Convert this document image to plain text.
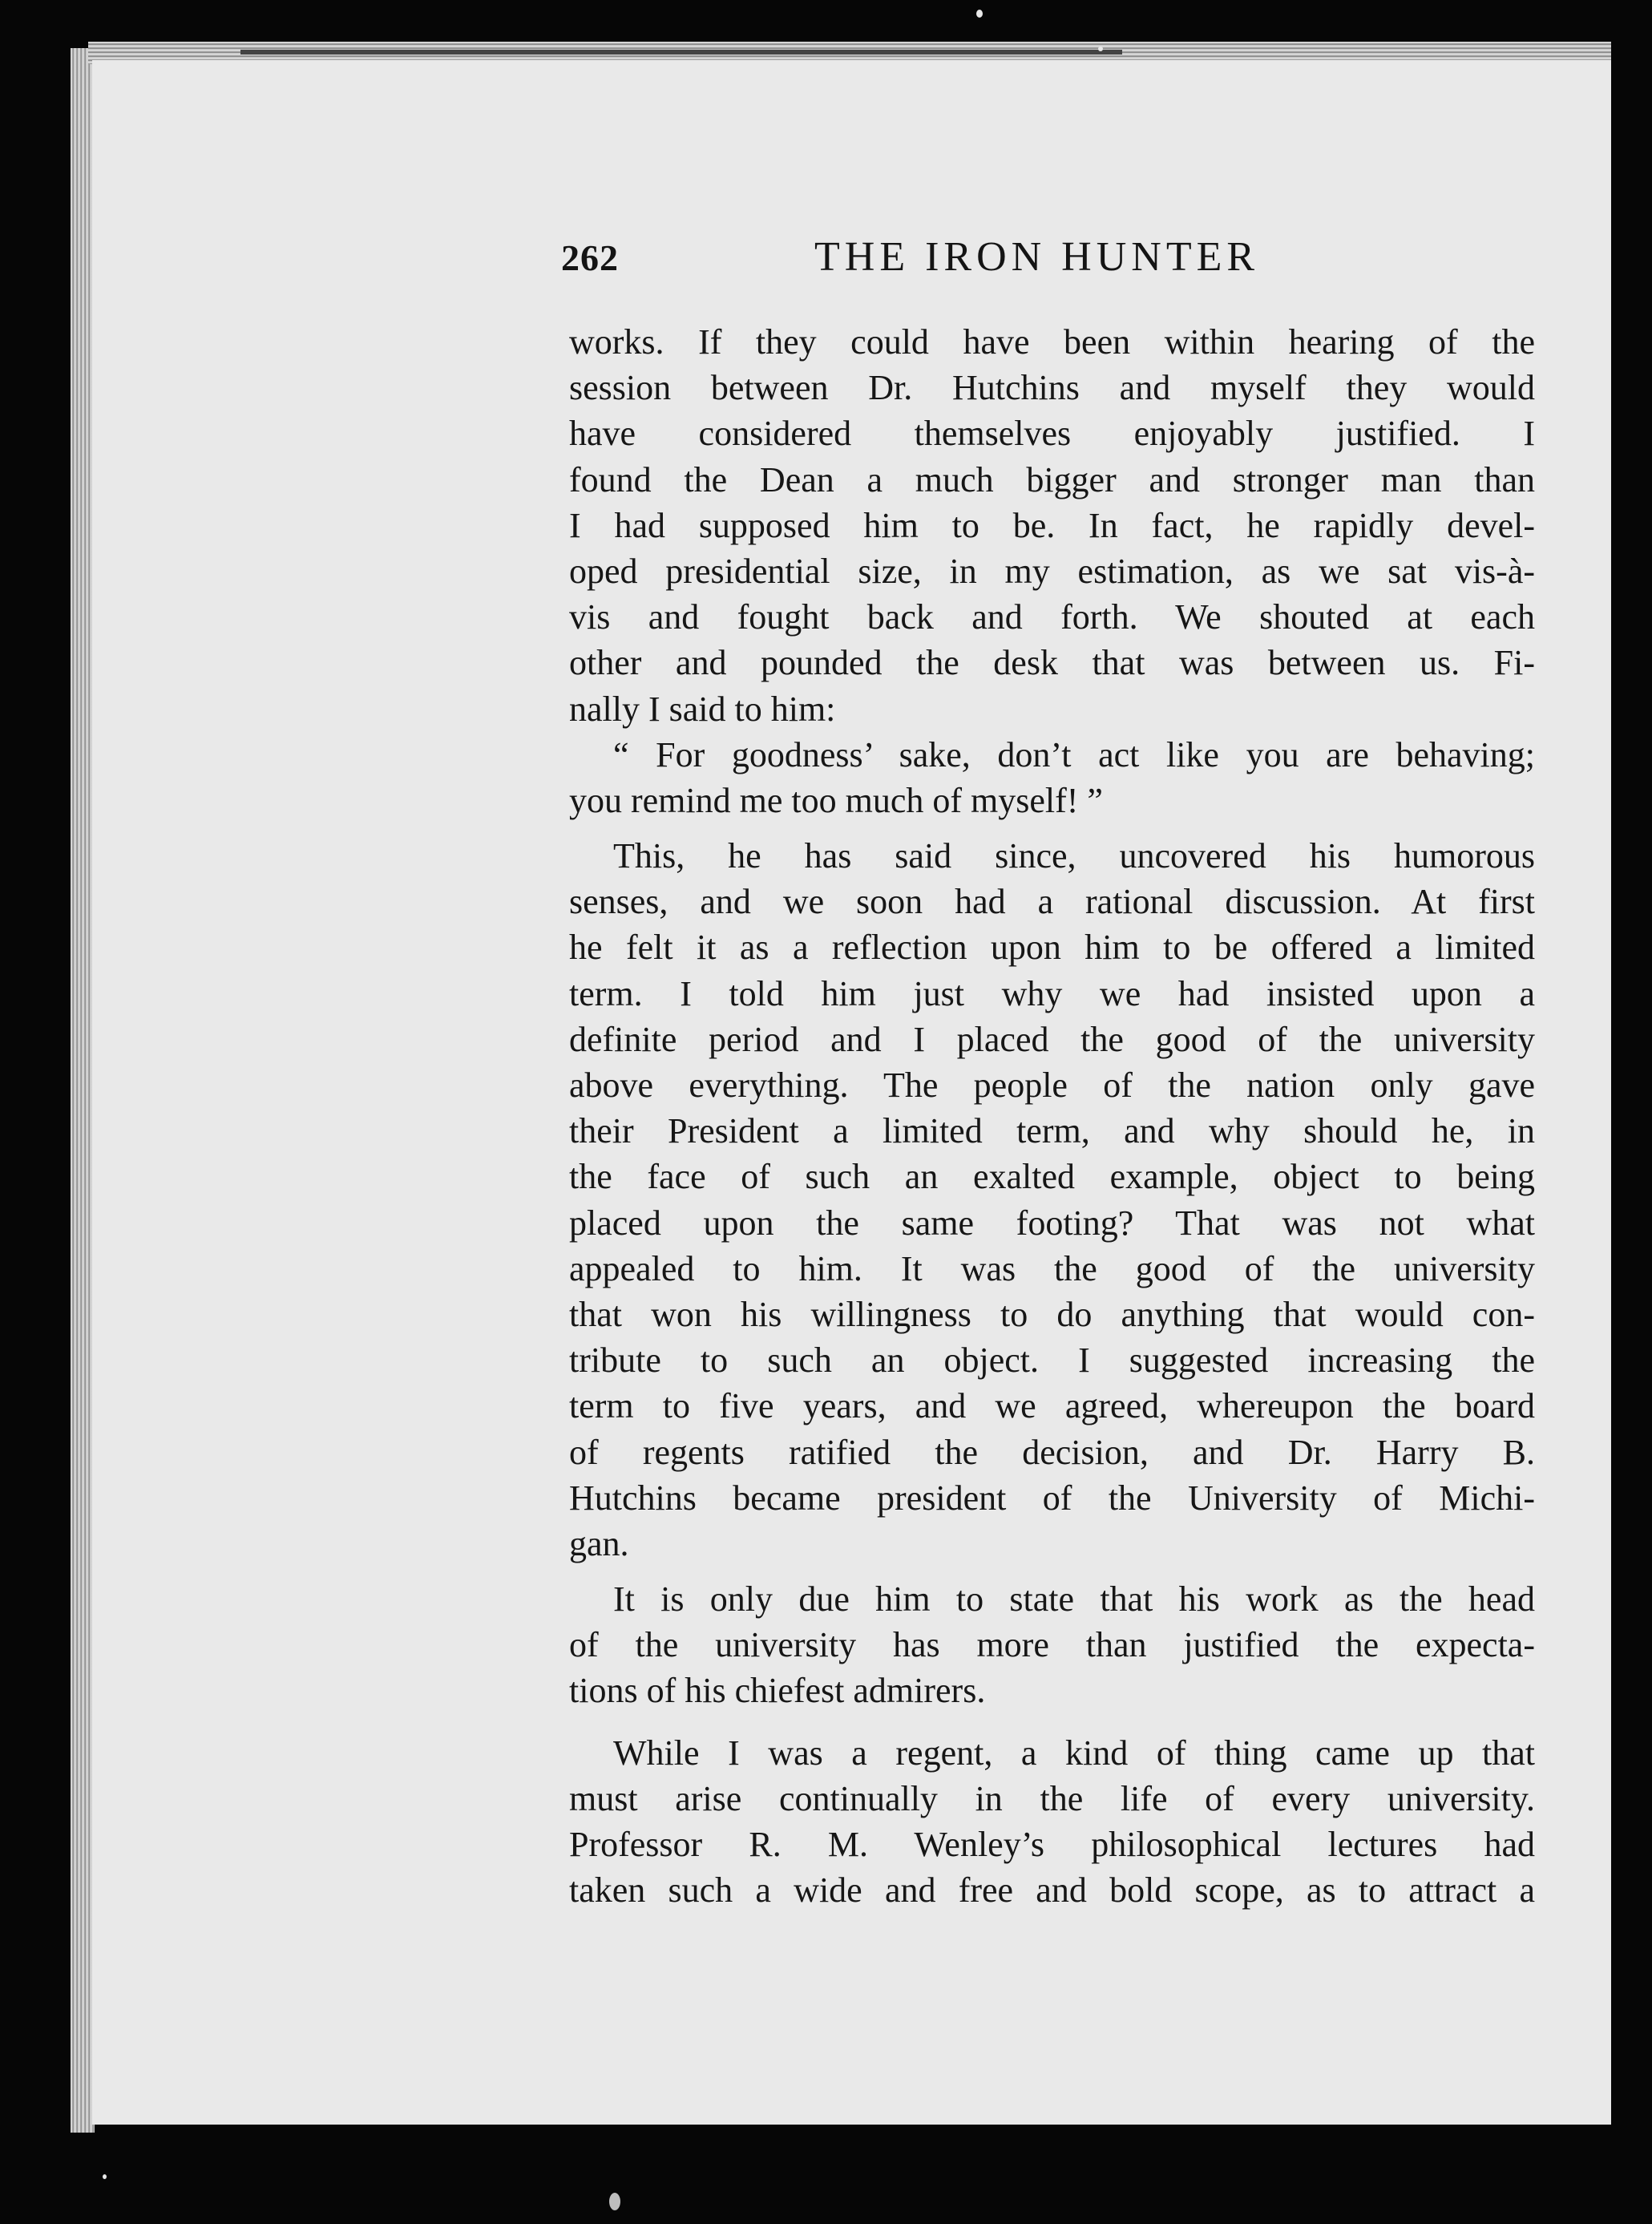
262	THE IRON HUNTER
works. If they could have been within hearing of the
session between Dr. Hutchins and myself they would
have considered themselves enjoyably justified. I
found the Dean a much bigger and stronger man than
I had supposed him to be. In fact, he rapidly devel-
oped presidential size, in my estimation, as we sat vis-à-
vis and fought back and forth. We shouted at each
other and pounded the desk that was between us. Fi-
nally I said to him:
“ For goodness’ sake, don’t act like you are behaving;
you remind me too much of myself! ”
This, he has said since, uncovered his humorous
senses, and we soon had a rational discussion. At first
he felt it as a reflection upon him to be offered a limited
term. I told him just why we had insisted upon a
definite period and I placed the good of the university
above everything. The people of the nation only gave
their President a limited term, and why should he, in
the face of such an exalted example, object to being
placed upon the same footing? That was not what
appealed to him. It was the good of the university
that won his willingness to do anything that would con-
tribute to such an object. I suggested increasing the
term to five years, and we agreed, whereupon the board
of regents ratified the decision, and Dr. Harry B.
Hutchins became president of the University of Michi-
gan.
It is only due him to state that his work as the head
of the university has more than justified the expecta-
tions of his chiefest admirers.
While I was a regent, a kind of thing came up that
must arise continually in the life of every university.
Professor R. M. Wenley’s philosophical lectures had
taken such a wide and free and bold scope, as to attract a
